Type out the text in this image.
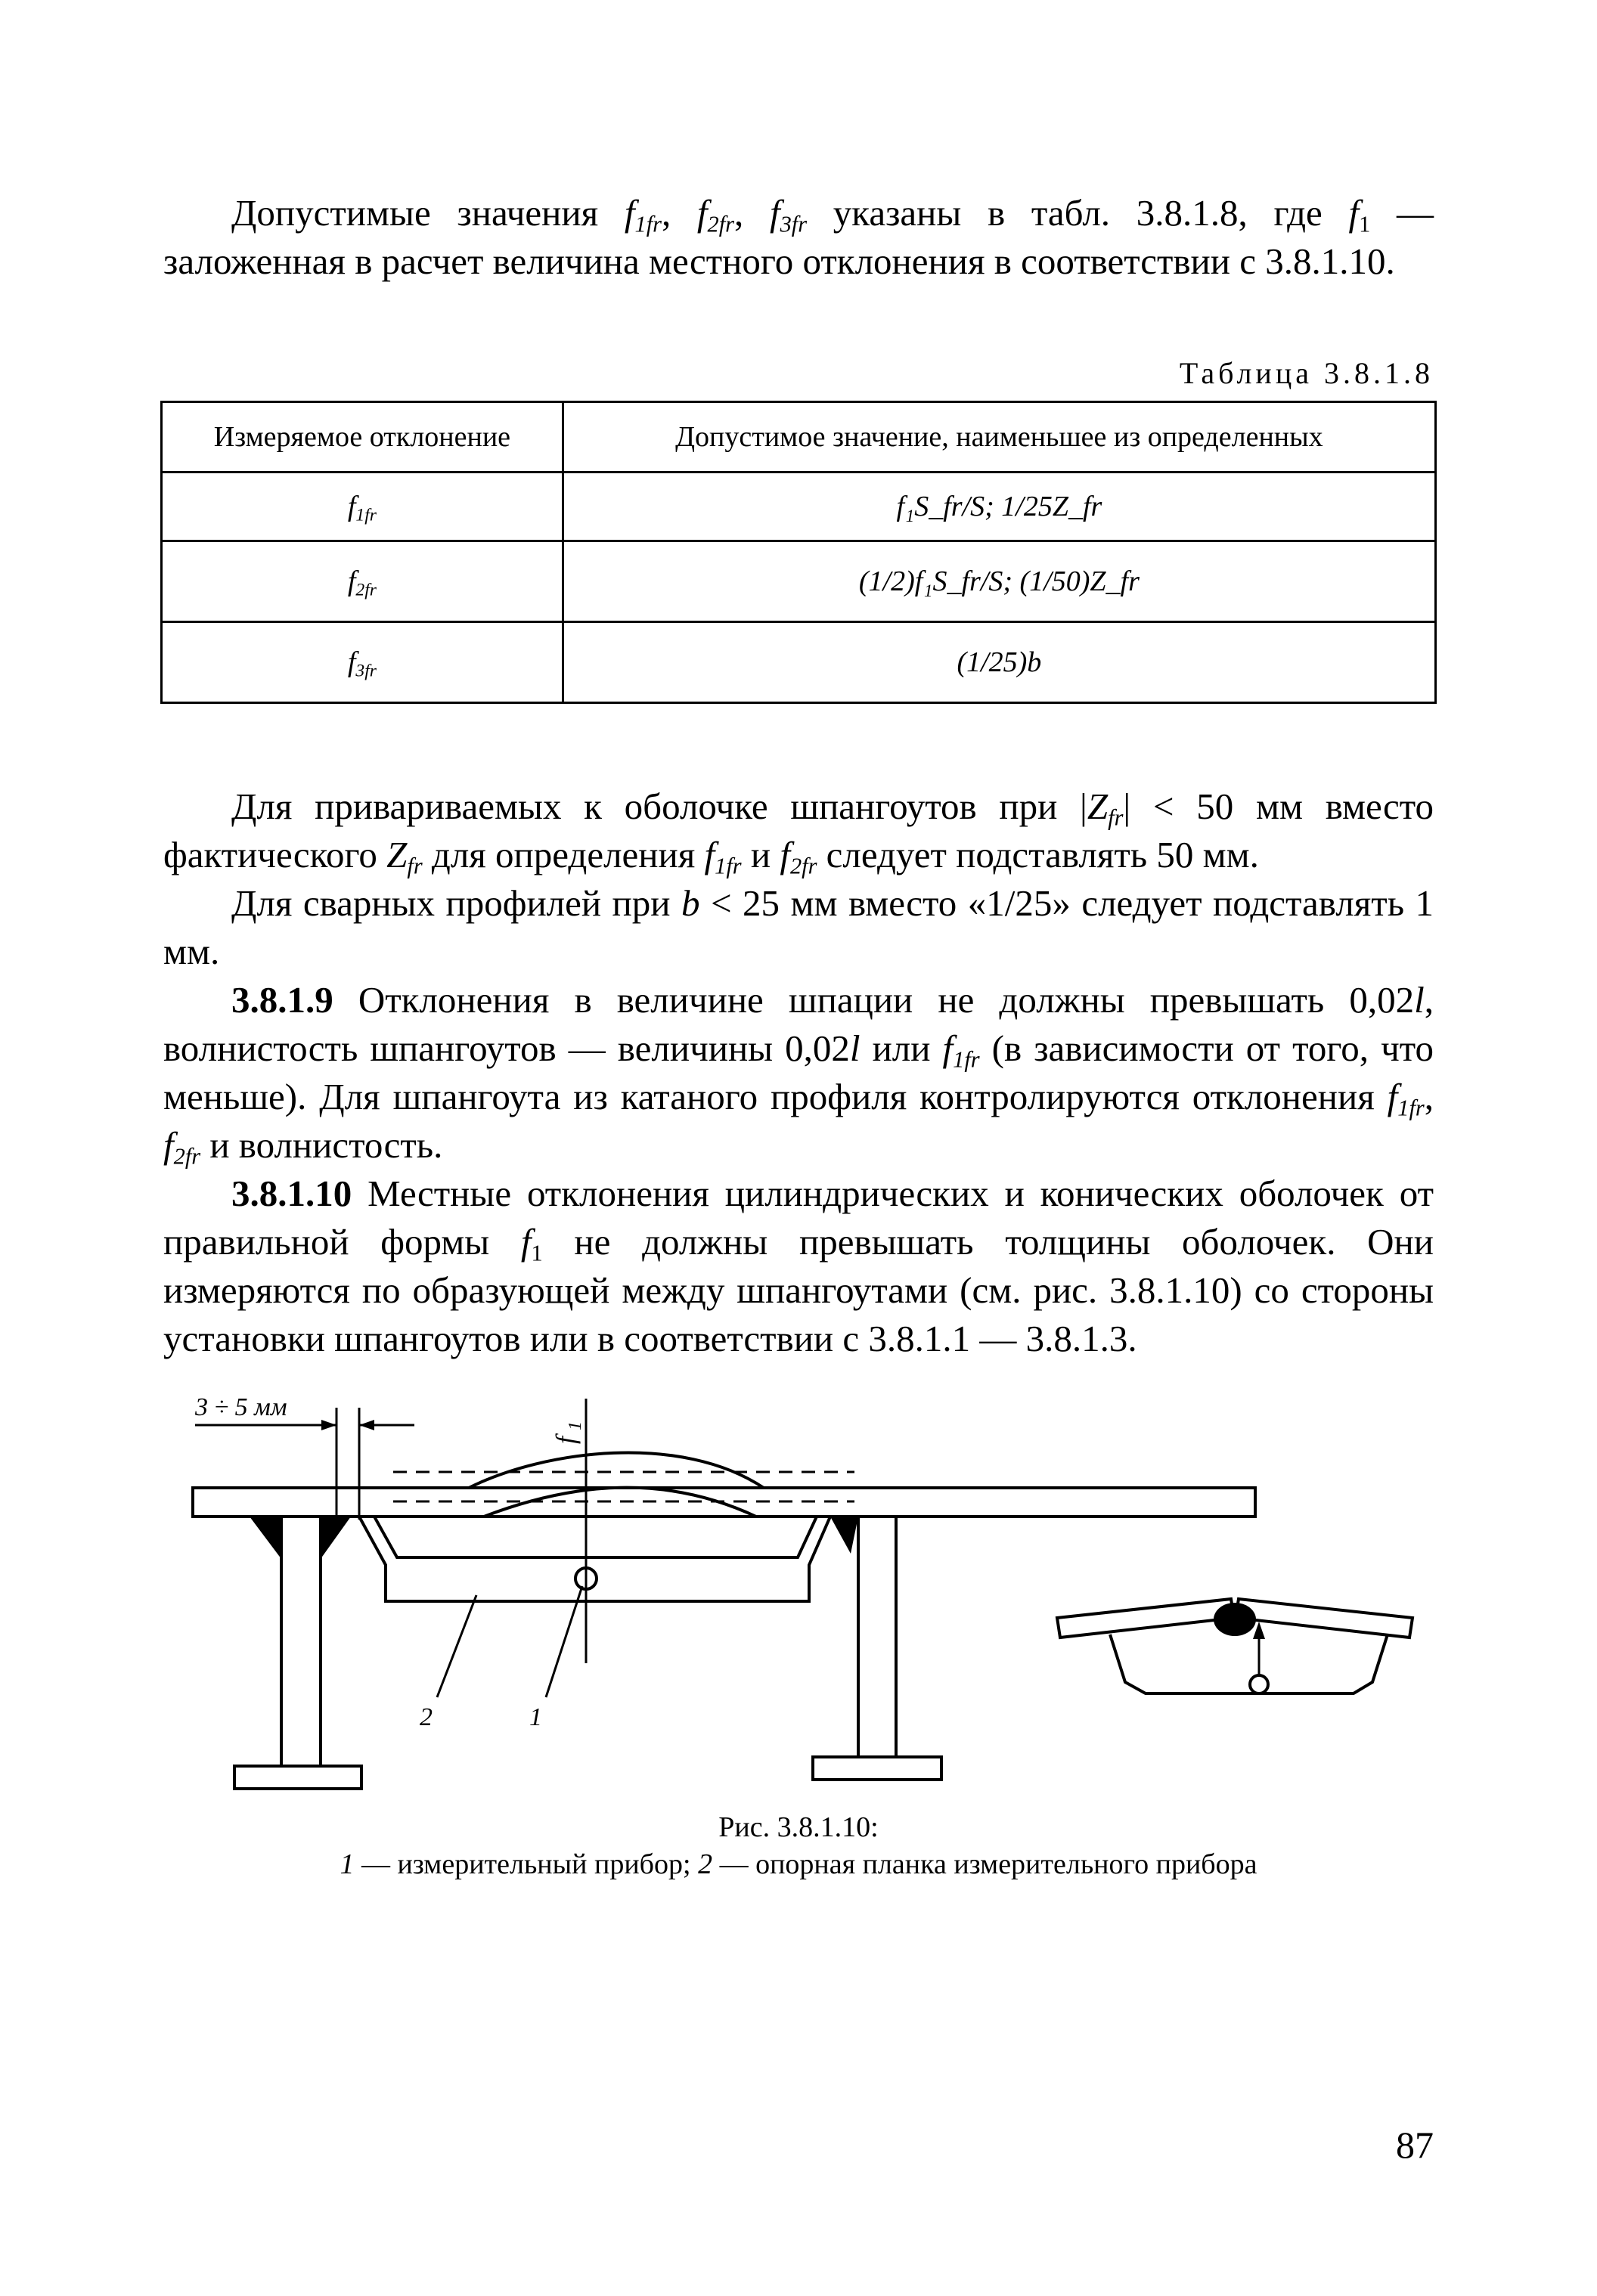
Допустимые значения $f_{1fr}$, $f_{2fr}$, $f_{3fr}$ указаны в табл. 3.8.1.8, где $f_1$ — заложенная в расчет величина местного отклонения в соответствии с 3.8.1.10.

Таблица 3.8.1.8
Измеряемое отклонение	Допустимое значение, наименьшее из определенных
$f_{1fr}$	f₁S_fr/S; 1/25Z_fr
$f_{2fr}$	(1/2)f₁S_fr/S; (1/50)Z_fr
$f_{3fr}$	(1/25)b

Для привариваемых к оболочке шпангоутов при $|Z_{fr}| < 50$ мм вместо фактического $Z_{fr}$ для определения $f_{1fr}$ и $f_{2fr}$ следует подставлять 50 мм.

Для сварных профилей при b < 25 мм вместо «1/25» следует подставлять 1 мм.

3.8.1.9 Отклонения в величине шпации не должны превышать 0,02l, волнистость шпангоутов — величины 0,02l или $f_{1fr}$ (в зависимости от того, что меньше). Для шпангоута из катаного профиля контролируются отклонения $f_{1fr}$, $f_{2fr}$ и волнистость.

3.8.1.10 Местные отклонения цилиндрических и конических оболочек от правильной формы $f_1$ не должны превышать толщины оболочек. Они измеряются по образующей между шпангоутами (см. рис. 3.8.1.10) со стороны установки шпангоутов или в соответствии с 3.8.1.1 — 3.8.1.3.

3 ÷ 5 мм
2	1
f
1
Рис. 3.8.1.10:
1 — измерительный прибор; 2 — опорная планка измерительного прибора
87
